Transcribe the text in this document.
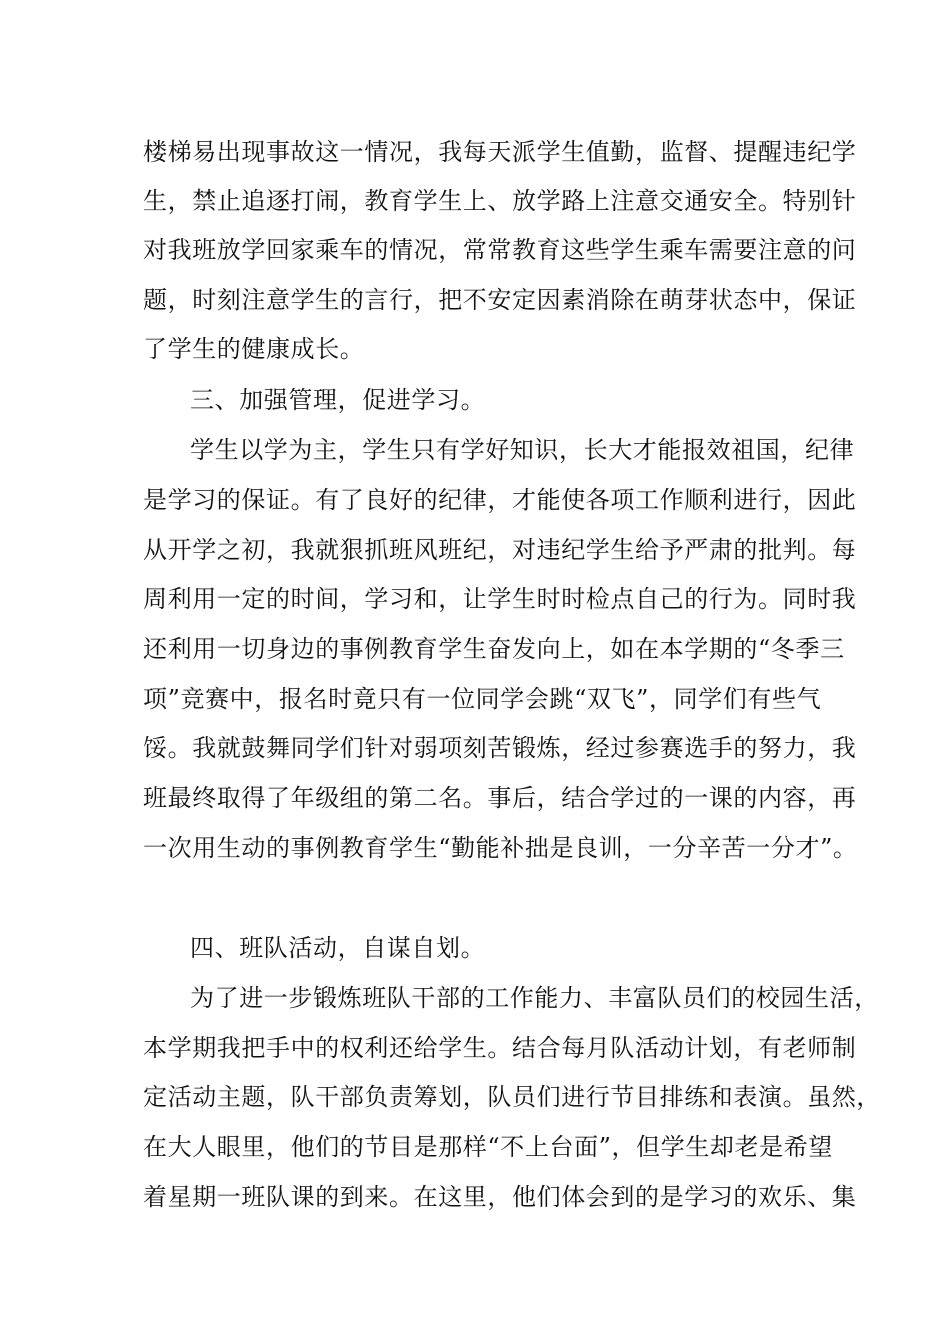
楼梯易出现事故这一情况，我每天派学生值勤，监督、提醒违纪学
生，禁止追逐打闹，教育学生上、放学路上注意交通安全。特别针
对我班放学回家乘车的情况，常常教育这些学生乘车需要注意的问
题，时刻注意学生的言行，把不安定因素消除在萌芽状态中，保证
了学生的健康成长。
三、加强管理，促进学习。
学生以学为主，学生只有学好知识，长大才能报效祖国，纪律
是学习的保证。有了良好的纪律，才能使各项工作顺利进行，因此
从开学之初，我就狠抓班风班纪，对违纪学生给予严肃的批判。每
周利用一定的时间，学习和，让学生时时检点自己的行为。同时我
还利用一切身边的事例教育学生奋发向上，如在本学期的“冬季三
项”竞赛中，报名时竟只有一位同学会跳“双飞”，同学们有些气
馁。我就鼓舞同学们针对弱项刻苦锻炼，经过参赛选手的努力，我
班最终取得了年级组的第二名。事后，结合学过的一课的内容，再
一次用生动的事例教育学生“勤能补拙是良训，一分辛苦一分才”。
四、班队活动，自谋自划。
为了进一步锻炼班队干部的工作能力、丰富队员们的校园生活，
本学期我把手中的权利还给学生。结合每月队活动计划，有老师制
定活动主题，队干部负责筹划，队员们进行节目排练和表演。虽然，
在大人眼里，他们的节目是那样“不上台面”，但学生却老是希望
着星期一班队课的到来。在这里，他们体会到的是学习的欢乐、集
